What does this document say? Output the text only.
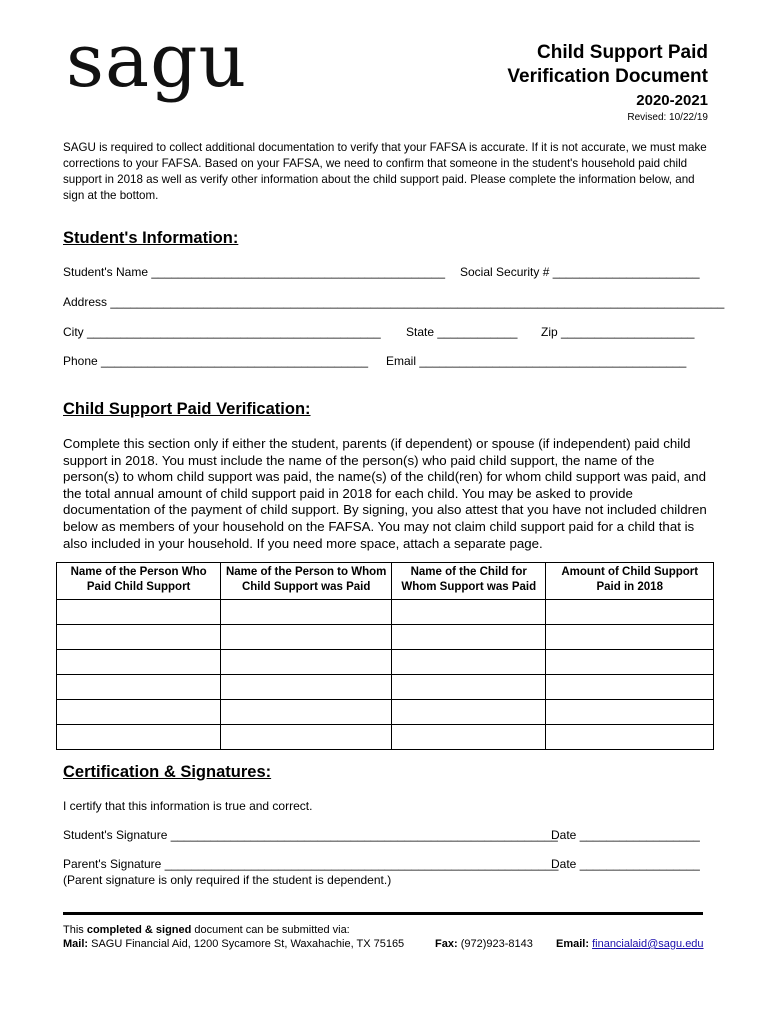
sagu	Child Support Paid
Verification Document
2020-2021
Revised: 10/22/19
SAGU is required to collect additional documentation to verify that your FAFSA is accurate. If it is not accurate, we must make corrections to your FAFSA. Based on your FAFSA, we need to confirm that someone in the student's household paid child support in 2018 as well as verify other information about the child support paid. Please complete the information below, and sign at the bottom.
Student's Information:
Student's Name ____________________________________________ Social Security # ______________________
Address ____________________________________________________________________________________________
City ____________________________________________ State ____________ Zip ____________________
Phone ________________________________________ Email ________________________________________
Child Support Paid Verification:
Complete this section only if either the student, parents (if dependent) or spouse (if independent) paid child support in 2018. You must include the name of the person(s) who paid child support, the name of the person(s) to whom child support was paid, the name(s) of the child(ren) for whom child support was paid, and the total annual amount of child support paid in 2018 for each child. You may be asked to provide documentation of the payment of child support. By signing, you also attest that you have not included children below as members of your household on the FAFSA. You may not claim child support paid for a child that is also included in your household. If you need more space, attach a separate page.
Name of the Person Who Paid Child Support	Name of the Person to Whom Child Support was Paid	Name of the Child for Whom Support was Paid	Amount of Child Support Paid in 2018

Certification & Signatures:
I certify that this information is true and correct.
Student's Signature __________________________________________________________
Date __________________
Parent's Signature ___________________________________________________________
Date __________________
(Parent signature is only required if the student is dependent.)
This completed & signed document can be submitted via:
Mail: SAGU Financial Aid, 1200 Sycamore St, Waxahachie, TX 75165	Fax: (972)923-8143 Email: financialaid@sagu.edu
